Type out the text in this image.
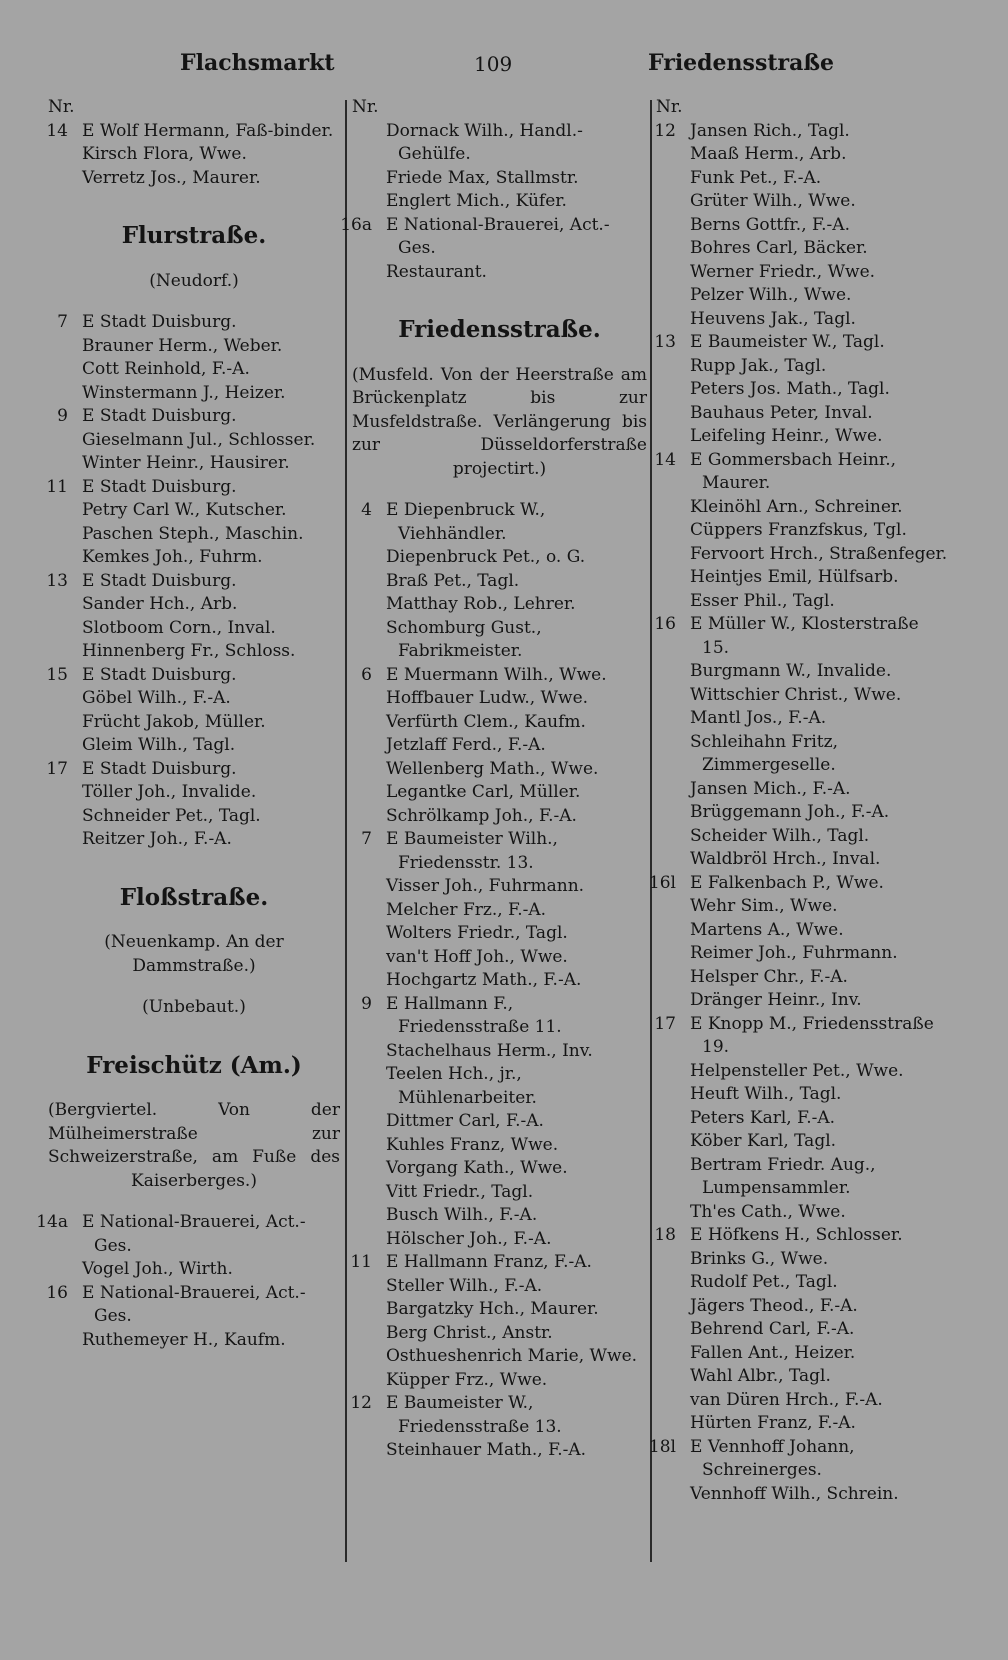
Flachsmarkt	109	Friedensstraße
Nr.
14 E Wolf Hermann, Faß-binder.
Kirsch Flora, Wwe.
Verretz Jos., Maurer.
Flurstraße.
(Neudorf.)
7 E Stadt Duisburg.
Brauner Herm., Weber.
Cott Reinhold, F.-A.
Winstermann J., Heizer.
9 E Stadt Duisburg.
Gieselmann Jul., Schlosser.
Winter Heinr., Hausirer.
11 E Stadt Duisburg.
Petry Carl W., Kutscher.
Paschen Steph., Maschin.
Kemkes Joh., Fuhrm.
13 E Stadt Duisburg.
Sander Hch., Arb.
Slotboom Corn., Inval.
Hinnenberg Fr., Schloss.
15 E Stadt Duisburg.
Göbel Wilh., F.-A.
Frücht Jakob, Müller.
Gleim Wilh., Tagl.
17 E Stadt Duisburg.
Töller Joh., Invalide.
Schneider Pet., Tagl.
Reitzer Joh., F.-A.
Floßstraße.
(Neuenkamp. An der Dammstraße.)
(Unbebaut.)
Freischütz (Am.)
(Bergviertel. Von der Mülheimerstraße zur Schweizerstraße, am Fuße des Kaiserberges.)
14a E National-Brauerei, Act.-Ges.
Vogel Joh., Wirth.
16 E National-Brauerei, Act.-Ges.
Ruthemeyer H., Kaufm.
Nr.
Dornack Wilh., Handl.-Gehülfe.
Friede Max, Stallmstr.
Englert Mich., Küfer.
16a E National-Brauerei, Act.-Ges.
Restaurant.
Friedensstraße.
(Musfeld. Von der Heerstraße am Brückenplatz bis zur Musfeldstraße. Verlängerung bis zur Düsseldorferstraße projectirt.)
4 E Diepenbruck W., Viehhändler.
Diepenbruck Pet., o. G.
Braß Pet., Tagl.
Matthay Rob., Lehrer.
Schomburg Gust., Fabrikmeister.
6 E Muermann Wilh., Wwe.
Hoffbauer Ludw., Wwe.
Verfürth Clem., Kaufm.
Jetzlaff Ferd., F.-A.
Wellenberg Math., Wwe.
Legantke Carl, Müller.
Schrölkamp Joh., F.-A.
7 E Baumeister Wilh., Friedensstr. 13.
Visser Joh., Fuhrmann.
Melcher Frz., F.-A.
Wolters Friedr., Tagl.
van't Hoff Joh., Wwe.
Hochgartz Math., F.-A.
9 E Hallmann F., Friedensstraße 11.
Stachelhaus Herm., Inv.
Teelen Hch., jr., Mühlenarbeiter.
Dittmer Carl, F.-A.
Kuhles Franz, Wwe.
Vorgang Kath., Wwe.
Vitt Friedr., Tagl.
Busch Wilh., F.-A.
Hölscher Joh., F.-A.
11 E Hallmann Franz, F.-A.
Steller Wilh., F.-A.
Bargatzky Hch., Maurer.
Berg Christ., Anstr.
Osthueshenrich Marie, Wwe.
Küpper Frz., Wwe.
12 E Baumeister W., Friedensstraße 13.
Steinhauer Math., F.-A.
Nr.
12 Jansen Rich., Tagl.
Maaß Herm., Arb.
Funk Pet., F.-A.
Grüter Wilh., Wwe.
Berns Gottfr., F.-A.
Bohres Carl, Bäcker.
Werner Friedr., Wwe.
Pelzer Wilh., Wwe.
Heuvens Jak., Tagl.
13 E Baumeister W., Tagl.
Rupp Jak., Tagl.
Peters Jos. Math., Tagl.
Bauhaus Peter, Inval.
Leifeling Heinr., Wwe.
14 E Gommersbach Heinr., Maurer.
Kleinöhl Arn., Schreiner.
Cüppers Franzfskus, Tgl.
Fervoort Hrch., Straßenfeger.
Heintjes Emil, Hülfsarb.
Esser Phil., Tagl.
16 E Müller W., Klosterstraße 15.
Burgmann W., Invalide.
Wittschier Christ., Wwe.
Mantl Jos., F.-A.
Schleihahn Fritz, Zimmergeselle.
Jansen Mich., F.-A.
Brüggemann Joh., F.-A.
Scheider Wilh., Tagl.
Waldbröl Hrch., Inval.
16l E Falkenbach P., Wwe.
Wehr Sim., Wwe.
Martens A., Wwe.
Reimer Joh., Fuhrmann.
Helsper Chr., F.-A.
Dränger Heinr., Inv.
17 E Knopp M., Friedensstraße 19.
Helpensteller Pet., Wwe.
Heuft Wilh., Tagl.
Peters Karl, F.-A.
Köber Karl, Tagl.
Bertram Friedr. Aug., Lumpensammler.
Th'es Cath., Wwe.
18 E Höfkens H., Schlosser.
Brinks G., Wwe.
Rudolf Pet., Tagl.
Jägers Theod., F.-A.
Behrend Carl, F.-A.
Fallen Ant., Heizer.
Wahl Albr., Tagl.
van Düren Hrch., F.-A.
Hürten Franz, F.-A.
18l E Vennhoff Johann, Schreinerges.
Vennhoff Wilh., Schrein.
